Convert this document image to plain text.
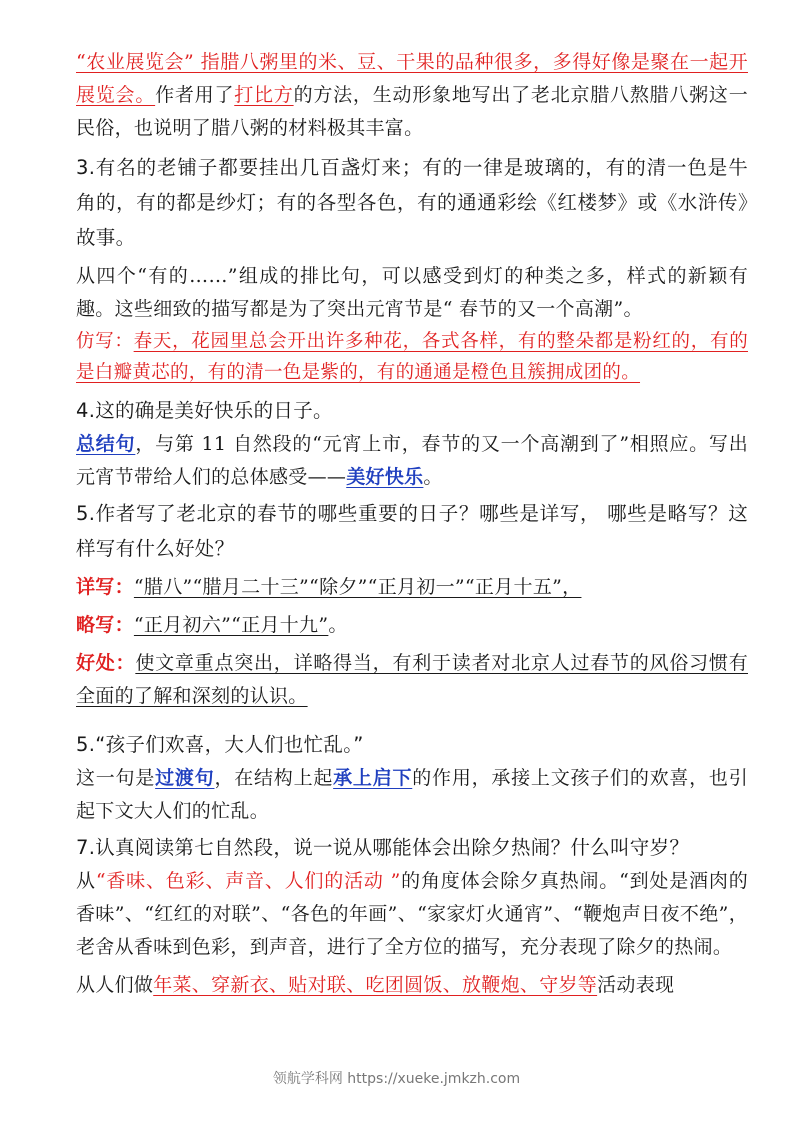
“农业展览会” 指腊八粥里的米、豆、干果的品种很多，多得好像是聚在一起开展览会。作者用了打比方的方法，生动形象地写出了老北京腊八熬腊八粥这一民俗，也说明了腊八粥的材料极其丰富。

3.有名的老铺子都要挂出几百盏灯来；有的一律是玻璃的，有的清一色是牛角的，有的都是纱灯；有的各型各色，有的通通彩绘《红楼梦》或《水浒传》故事。

从四个“有的……”组成的排比句，可以感受到灯的种类之多，样式的新颖有趣。这些细致的描写都是为了突出元宵节是“ 春节的又一个高潮”。

仿写：春天，花园里总会开出许多种花，各式各样，有的整朵都是粉红的，有的是白瓣黄芯的，有的清一色是紫的，有的通通是橙色且簇拥成团的。

4.这的确是美好快乐的日子。

总结句，与第 11 自然段的“元宵上市，春节的又一个高潮到了”相照应。写出元宵节带给人们的总体感受——美好快乐。

5.作者写了老北京的春节的哪些重要的日子？哪些是详写， 哪些是略写？这样写有什么好处？

详写：“腊八”“腊月二十三”“除夕”“正月初一”“正月十五”，

略写：“正月初六”“正月十九”。

好处：使文章重点突出，详略得当，有利于读者对北京人过春节的风俗习惯有全面的了解和深刻的认识。

5.“孩子们欢喜，大人们也忙乱。”

这一句是过渡句，在结构上起承上启下的作用，承接上文孩子们的欢喜，也引起下文大人们的忙乱。

7.认真阅读第七自然段，说一说从哪能体会出除夕热闹？什么叫守岁？

从“香味、色彩、声音、人们的活动 ”的角度体会除夕真热闹。“到处是酒肉的香味”、“红红的对联”、“各色的年画”、“家家灯火通宵”、“鞭炮声日夜不绝”，老舍从香味到色彩，到声音，进行了全方位的描写，充分表现了除夕的热闹。

从人们做年菜、穿新衣、贴对联、吃团圆饭、放鞭炮、守岁等活动表现

领航学科网 https://xueke.jmkzh.com
